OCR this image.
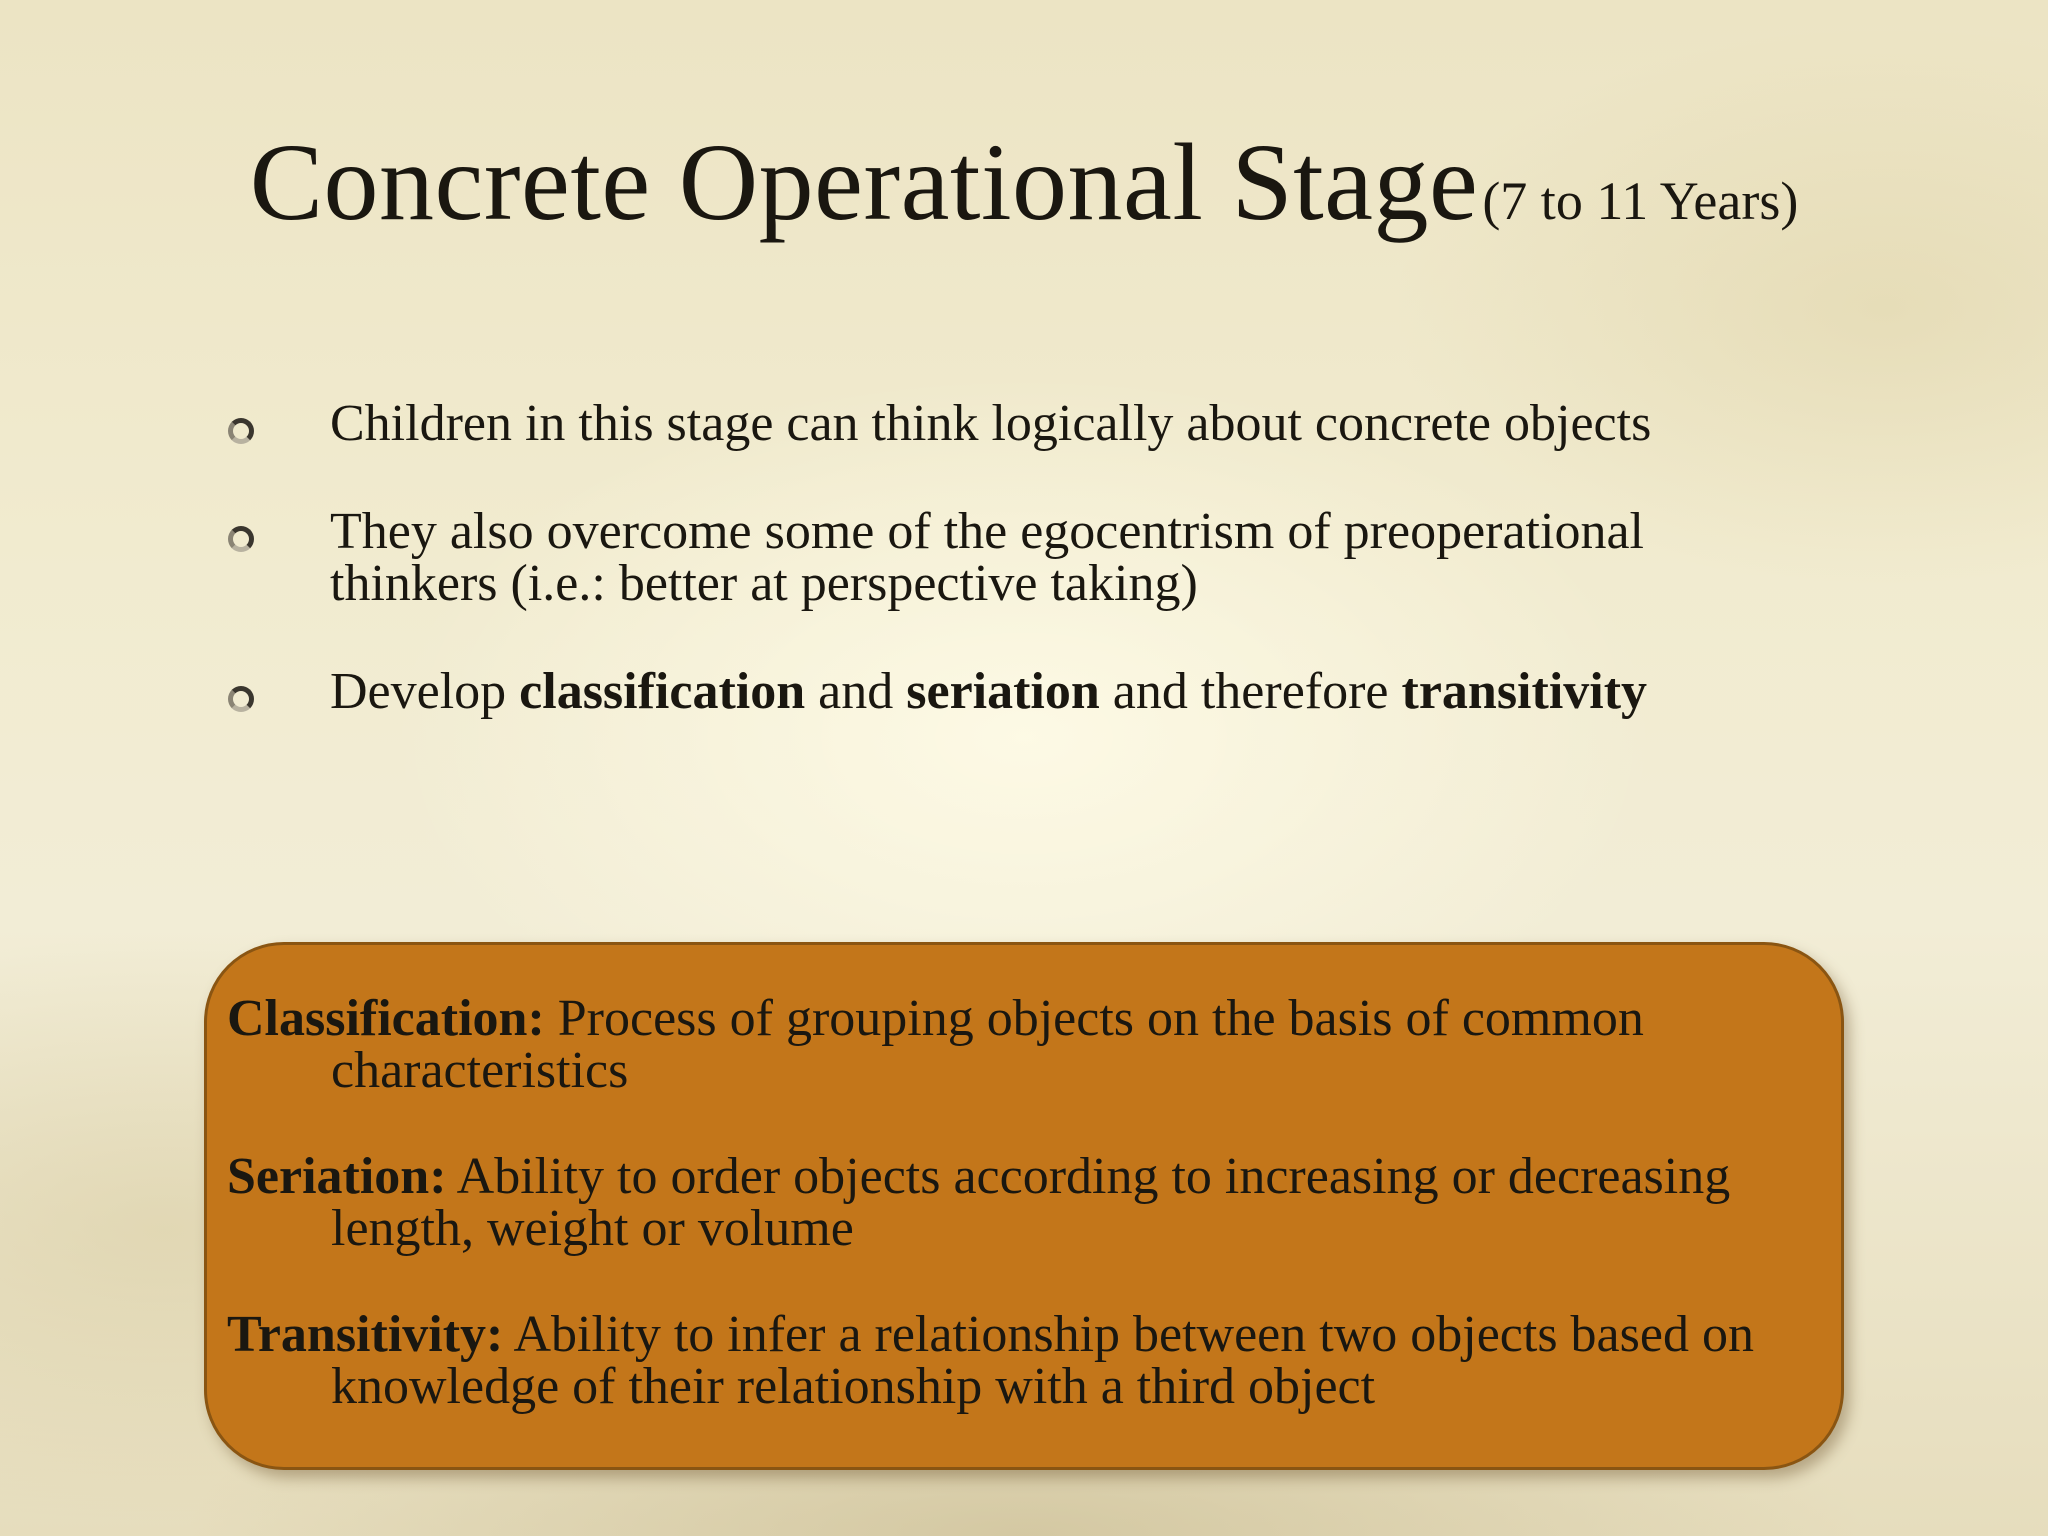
Concrete Operational Stage (7 to 11 Years)
Children in this stage can think logically about concrete objects
They also overcome some of the egocentrism of preoperational thinkers (i.e.: better at perspective taking)
Develop classification and seriation and therefore transitivity
Classification: Process of grouping objects on the basis of common characteristics
Seriation: Ability to order objects according to increasing or decreasing length, weight or volume
Transitivity: Ability to infer a relationship between two objects based on knowledge of their relationship with a third object
